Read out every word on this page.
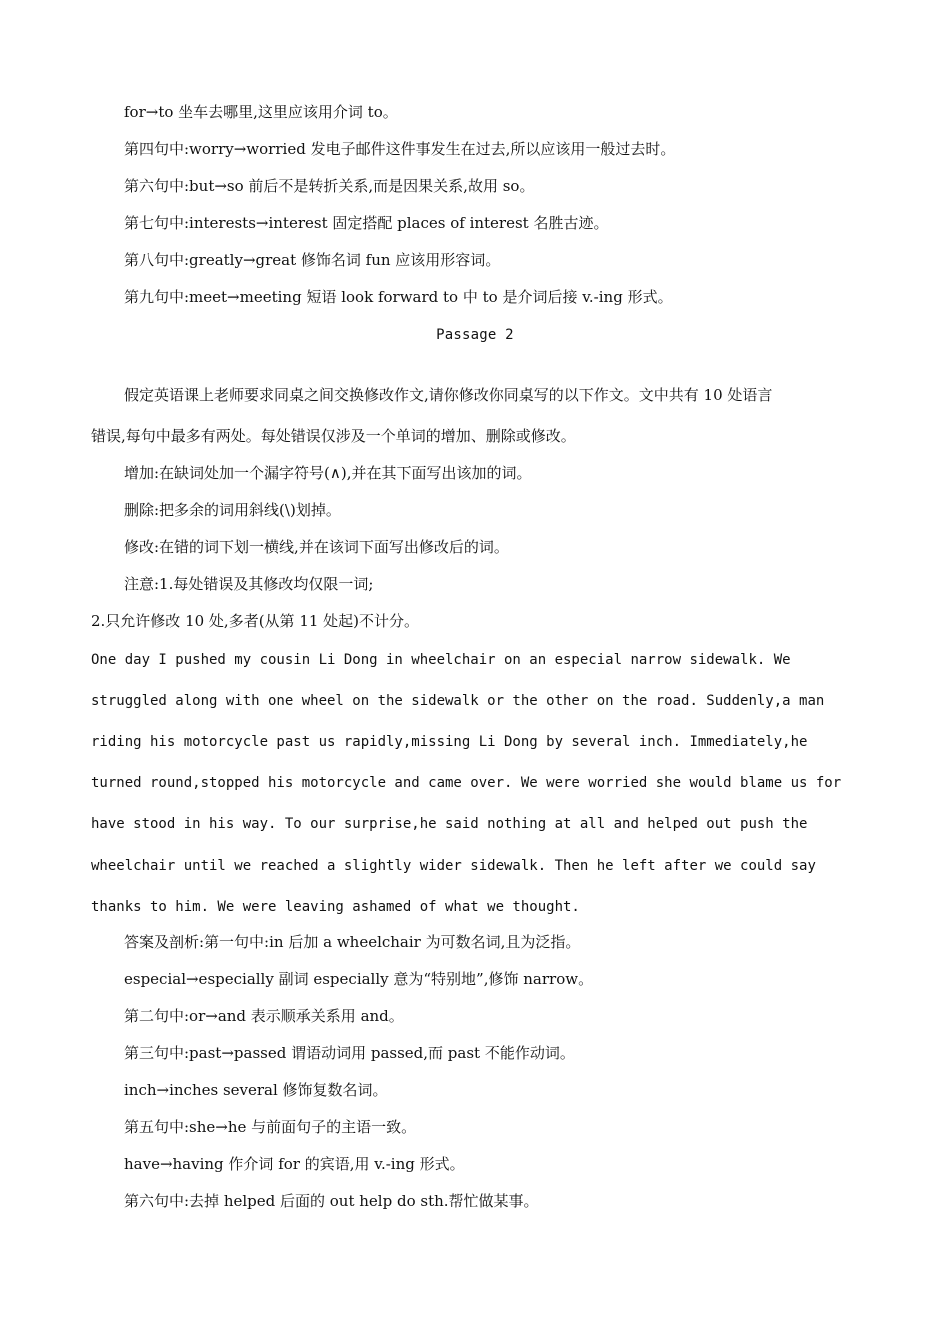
for→to 坐车去哪里,这里应该用介词 to。
第四句中:worry→worried 发电子邮件这件事发生在过去,所以应该用一般过去时。
第六句中:but→so 前后不是转折关系,而是因果关系,故用 so。
第七句中:interests→interest 固定搭配 places of interest 名胜古迹。
第八句中:greatly→great 修饰名词 fun 应该用形容词。
第九句中:meet→meeting 短语 look forward to 中 to 是介词后接 v.-ing 形式。
Passage 2
假定英语课上老师要求同桌之间交换修改作文,请你修改你同桌写的以下作文。文中共有 10 处语言
错误,每句中最多有两处。每处错误仅涉及一个单词的增加、删除或修改。
增加:在缺词处加一个漏字符号(∧),并在其下面写出该加的词。
删除:把多余的词用斜线(\)划掉。
修改:在错的词下划一横线,并在该词下面写出修改后的词。
注意:1.每处错误及其修改均仅限一词;
2.只允许修改 10 处,多者(从第 11 处起)不计分。
One day I pushed my cousin Li Dong in wheelchair on an especial narrow sidewalk. We
struggled along with one wheel on the sidewalk or the other on the road. Suddenly,a man
riding his motorcycle past us rapidly,missing Li Dong by several inch. Immediately,he
turned round,stopped his motorcycle and came over. We were worried she would blame us for
have stood in his way. To our surprise,he said nothing at all and helped out push the
wheelchair until we reached a slightly wider sidewalk. Then he left after we could say
thanks to him. We were leaving ashamed of what we thought.
答案及剖析:第一句中:in 后加 a wheelchair 为可数名词,且为泛指。
especial→especially 副词 especially 意为“特别地”,修饰 narrow。
第二句中:or→and 表示顺承关系用 and。
第三句中:past→passed 谓语动词用 passed,而 past 不能作动词。
inch→inches several 修饰复数名词。
第五句中:she→he 与前面句子的主语一致。
have→having 作介词 for 的宾语,用 v.-ing 形式。
第六句中:去掉 helped 后面的 out help do sth.帮忙做某事。
